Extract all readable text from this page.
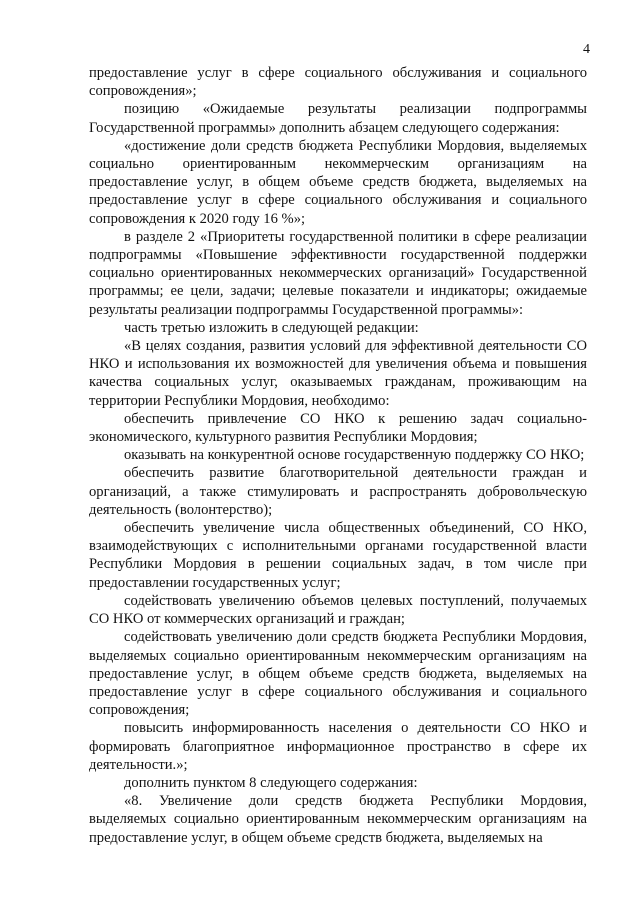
4

предоставление услуг в сфере социального обслуживания и социального сопровождения»;

позицию «Ожидаемые результаты реализации подпрограммы Государственной программы» дополнить абзацем следующего содержания:

«достижение доли средств бюджета Республики Мордовия, выделяемых социально ориентированным некоммерческим организациям на предоставление услуг, в общем объеме средств бюджета, выделяемых на предоставление услуг в сфере социального обслуживания и социального сопровождения к 2020 году 16 %»;

в разделе 2 «Приоритеты государственной политики в сфере реализации подпрограммы «Повышение эффективности государственной поддержки социально ориентированных некоммерческих организаций» Государственной программы; ее цели, задачи; целевые показатели и индикаторы; ожидаемые результаты реализации подпрограммы Государственной программы»:

часть третью изложить в следующей редакции:

«В целях создания, развития условий для эффективной деятельности СО НКО и использования их возможностей для увеличения объема и повышения качества социальных услуг, оказываемых гражданам, проживающим на территории Республики Мордовия, необходимо:

обеспечить привлечение СО НКО к решению задач социально-экономического, культурного развития Республики Мордовия;

оказывать на конкурентной основе государственную поддержку СО НКО;

обеспечить развитие благотворительной деятельности граждан и организаций, а также стимулировать и распространять добровольческую деятельность (волонтерство);

обеспечить увеличение числа общественных объединений, СО НКО, взаимодействующих с исполнительными органами государственной власти Республики Мордовия в решении социальных задач, в том числе при предоставлении государственных услуг;

содействовать увеличению объемов целевых поступлений, получаемых СО НКО от коммерческих организаций и граждан;

содействовать увеличению доли средств бюджета Республики Мордовия, выделяемых социально ориентированным некоммерческим организациям на предоставление услуг, в общем объеме средств бюджета, выделяемых на предоставление услуг в сфере социального обслуживания и социального сопровождения;

повысить информированность населения о деятельности СО НКО и формировать благоприятное информационное пространство в сфере их деятельности.»;

дополнить пунктом 8 следующего содержания:

«8. Увеличение доли средств бюджета Республики Мордовия, выделяемых социально ориентированным некоммерческим организациям на предоставление услуг, в общем объеме средств бюджета, выделяемых на
